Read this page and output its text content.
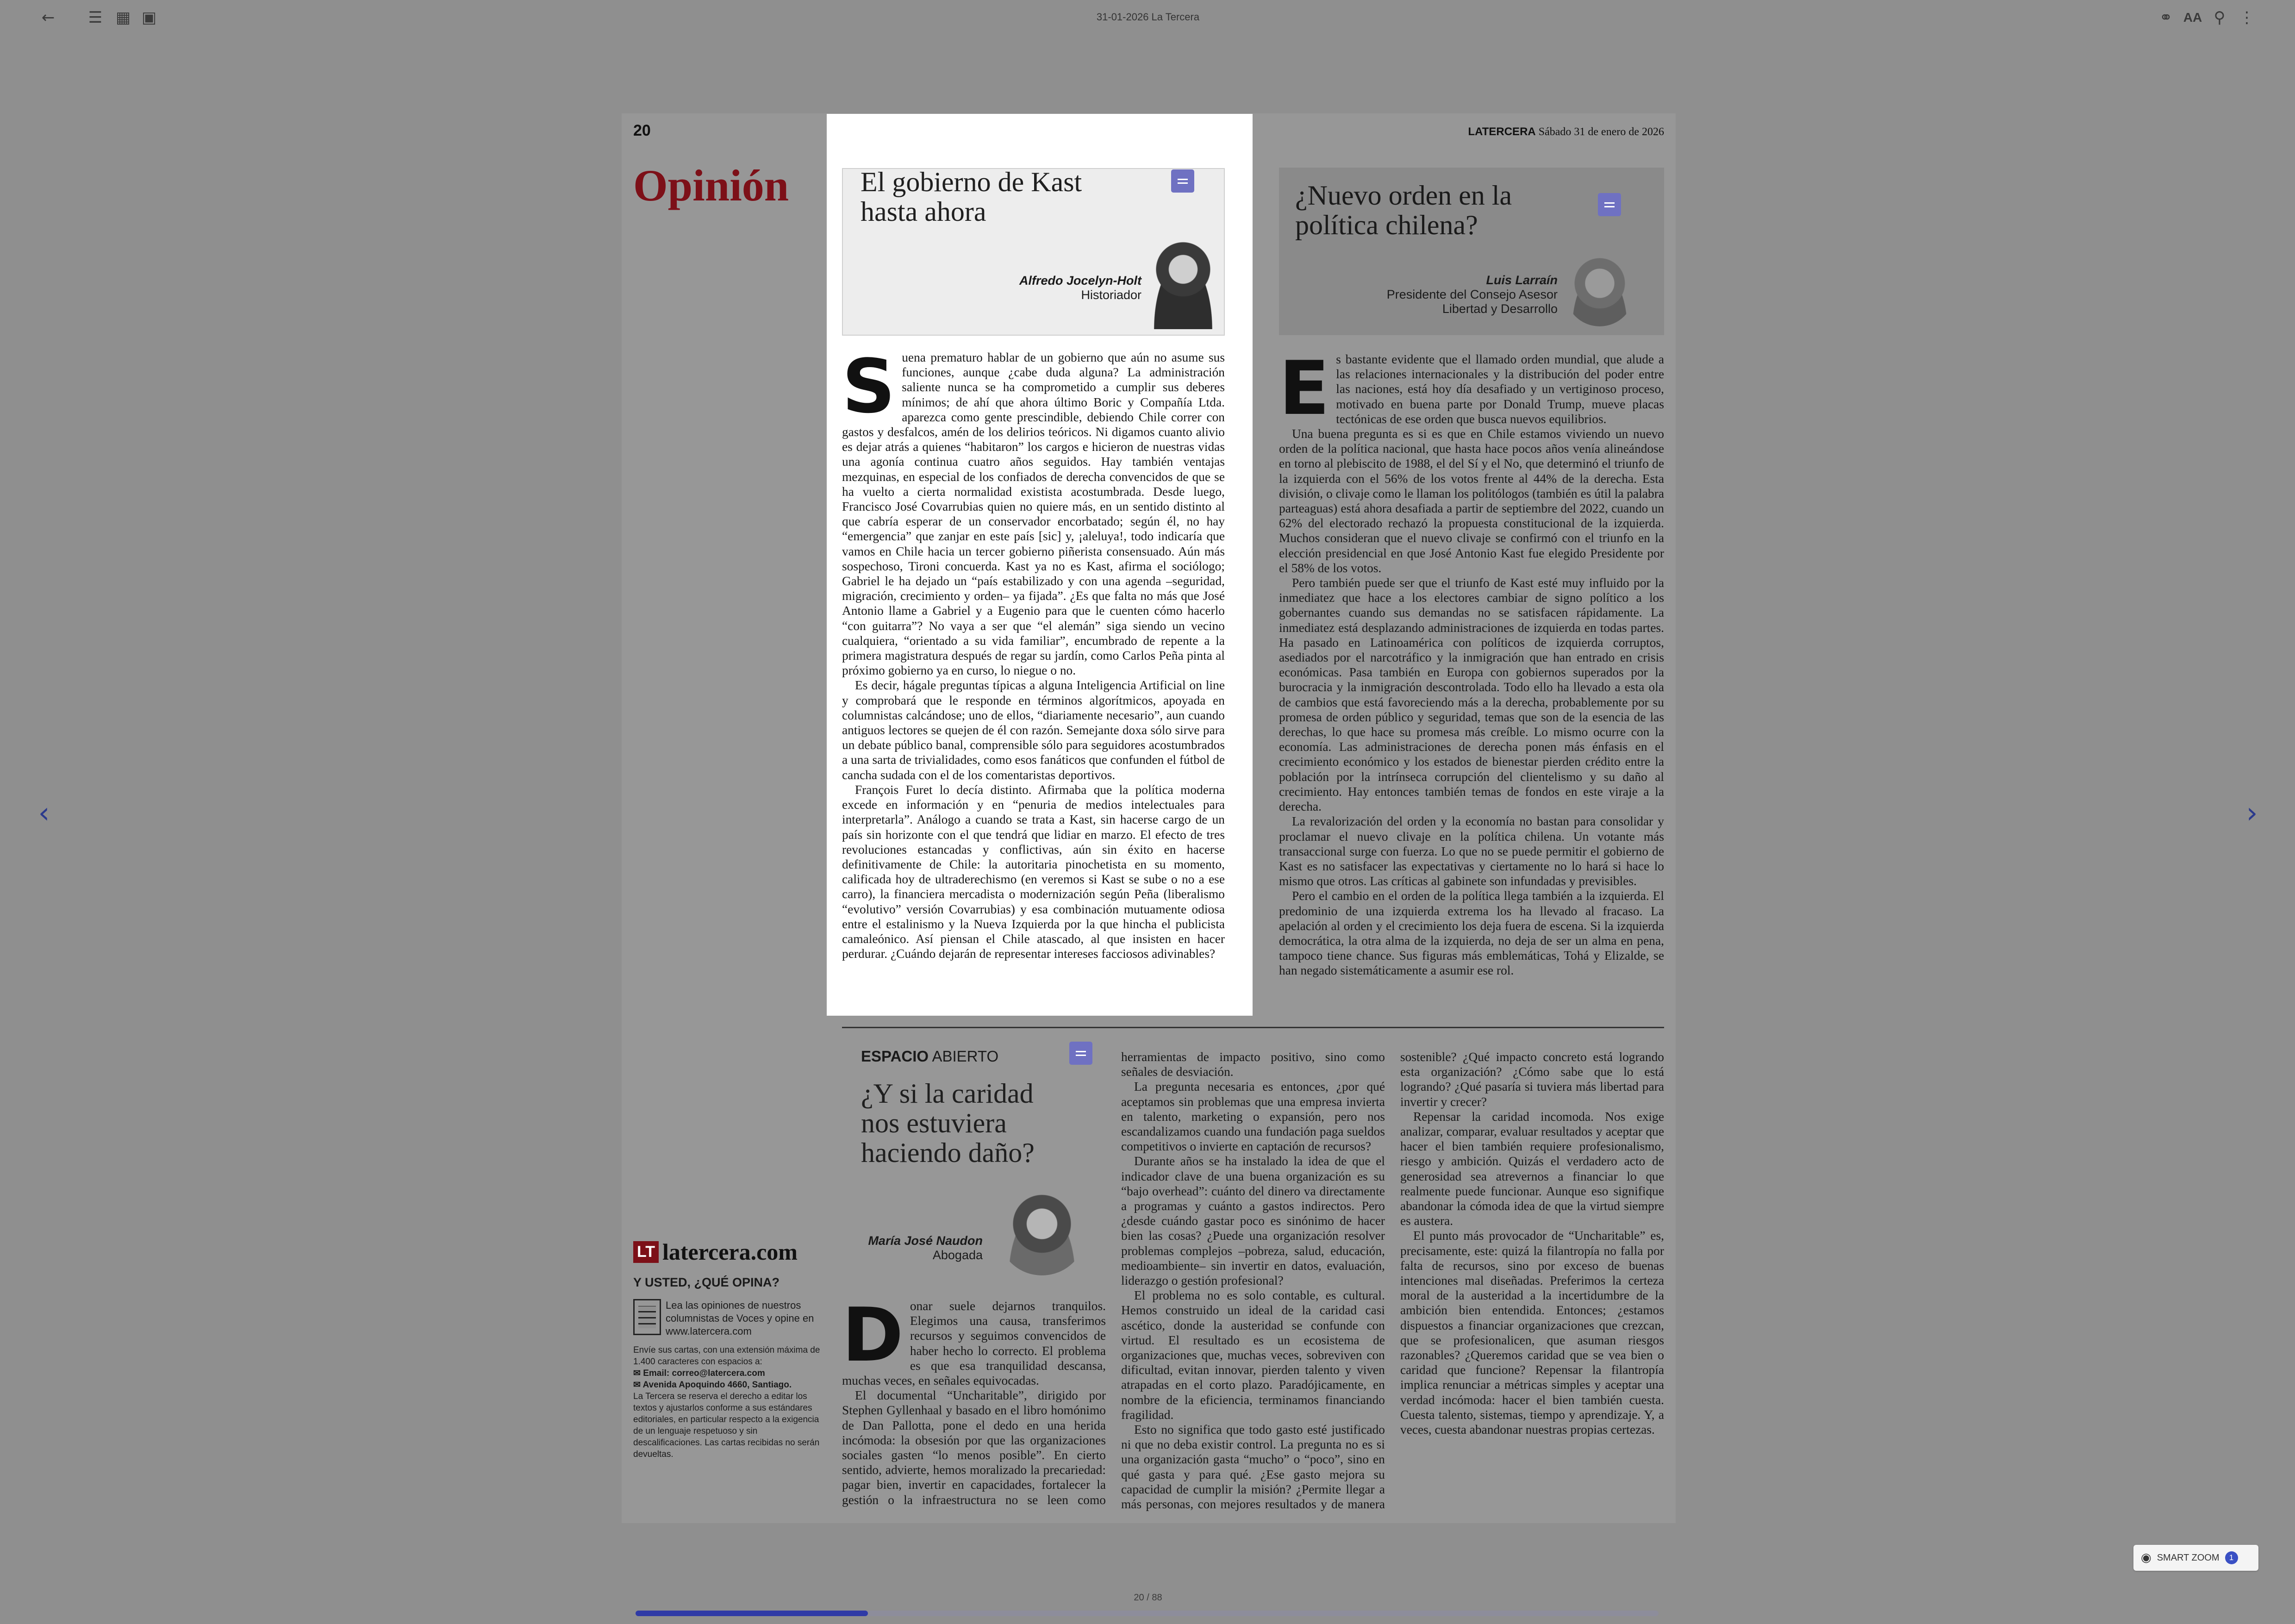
← ☰ ▦ ▣	31-01-2026 La Tercera	⚭ AA ⚲ ⋮
‹	›
20	LATERCERA Sábado 31 de enero de 2026
Opinión	¿Nuevo orden en la política chilena?
Luis Larraín
Presidente del Consejo Asesor
Libertad y Desarrollo

Es bastante evidente que el llamado orden mundial, que alude a las relaciones internacionales y la distribución del poder entre las naciones, está hoy día desafiado y un vertiginoso proceso, motivado en buena parte por Donald Trump, mueve placas tectónicas de ese orden que busca nuevos equilibrios.

Una buena pregunta es si es que en Chile estamos viviendo un nuevo orden de la política nacional, que hasta hace pocos años venía alineándose en torno al plebiscito de 1988, el del Sí y el No, que determinó el triunfo de la izquierda con el 56% de los votos frente al 44% de la derecha. Esta división, o clivaje como le llaman los politólogos (también es útil la palabra parteaguas) está ahora desafiada a partir de septiembre del 2022, cuando un 62% del electorado rechazó la propuesta constitucional de la izquierda. Muchos consideran que el nuevo clivaje se confirmó con el triunfo en la elección presidencial en que José Antonio Kast fue elegido Presidente por el 58% de los votos.

Pero también puede ser que el triunfo de Kast esté muy influido por la inmediatez que hace a los electores cambiar de signo político a los gobernantes cuando sus demandas no se satisfacen rápidamente. La inmediatez está desplazando administraciones de izquierda en todas partes. Ha pasado en Latinoamérica con políticos de izquierda corruptos, asediados por el narcotráfico y la inmigración que han entrado en crisis económicas. Pasa también en Europa con gobiernos superados por la burocracia y la inmigración descontrolada. Todo ello ha llevado a esta ola de cambios que está favoreciendo más a la derecha, probablemente por su promesa de orden público y seguridad, temas que son de la esencia de las derechas, lo que hace su promesa más creíble. Lo mismo ocurre con la economía. Las administraciones de derecha ponen más énfasis en el crecimiento económico y los estados de bienestar pierden crédito entre la población por la intrínseca corrupción del clientelismo y su daño al crecimiento. Hay entonces también temas de fondos en este viraje a la derecha.

La revalorización del orden y la economía no bastan para consolidar y proclamar el nuevo clivaje en la política chilena. Un votante más transaccional surge con fuerza. Lo que no se puede permitir el gobierno de Kast es no satisfacer las expectativas y ciertamente no lo hará si hace lo mismo que otros. Las críticas al gabinete son infundadas y previsibles.

Pero el cambio en el orden de la política llega también a la izquierda. El predominio de una izquierda extrema los ha llevado al fracaso. La apelación al orden y el crecimiento los deja fuera de escena. Si la izquierda democrática, la otra alma de la izquierda, no deja de ser un alma en pena, tampoco tiene chance. Sus figuras más emblemáticas, Tohá y Elizalde, se han negado sistemáticamente a asumir ese rol.

ESPACIO ABIERTO
¿Y si la caridad nos estuviera haciendo daño?
María José Naudon
Abogada

Donar suele dejarnos tranquilos. Elegimos una causa, transferimos recursos y seguimos convencidos de haber hecho lo correcto. El problema es que esa tranquilidad descansa, muchas veces, en señales equivocadas.

El documental “Uncharitable”, dirigido por Stephen Gyllenhaal y basado en el libro homónimo de Dan Pallotta, pone el dedo en una herida incómoda: la obsesión por que las organizaciones sociales gasten “lo menos posible”. En cierto sentido, advierte, hemos moralizado la precariedad: pagar bien, invertir en capacidades, fortalecer la gestión o la infraestructura no se leen como herramientas de impacto positivo, sino como señales de desviación.

La pregunta necesaria es entonces, ¿por qué aceptamos sin problemas que una empresa invierta en talento, marketing o expansión, pero nos escandalizamos cuando una fundación paga sueldos competitivos o invierte en captación de recursos?

Durante años se ha instalado la idea de que el indicador clave de una buena organización es su “bajo overhead”: cuánto del dinero va directamente a programas y cuánto a gastos indirectos. Pero ¿desde cuándo gastar poco es sinónimo de hacer bien las cosas? ¿Puede una organización resolver problemas complejos –pobreza, salud, educación, medioambiente– sin invertir en datos, evaluación, liderazgo o gestión profesional?

El problema no es solo contable, es cultural. Hemos construido un ideal de la caridad casi ascético, donde la austeridad se confunde con virtud. El resultado es un ecosistema de organizaciones que, muchas veces, sobreviven con dificultad, evitan innovar, pierden talento y viven atrapadas en el corto plazo. Paradójicamente, en nombre de la eficiencia, terminamos financiando fragilidad.

Esto no significa que todo gasto esté justificado ni que no deba existir control. La pregunta no es si una organización gasta “mucho” o “poco”, sino en qué gasta y para qué. ¿Ese gasto mejora su capacidad de cumplir la misión? ¿Permite llegar a más personas, con mejores resultados y de manera sostenible? ¿Qué impacto concreto está logrando esta organización? ¿Cómo sabe que lo está logrando? ¿Qué pasaría si tuviera más libertad para invertir y crecer?

Repensar la caridad incomoda. Nos exige analizar, comparar, evaluar resultados y aceptar que hacer el bien también requiere profesionalismo, riesgo y ambición. Quizás el verdadero acto de generosidad sea atrevernos a financiar lo que realmente puede funcionar. Aunque eso signifique abandonar la cómoda idea de que la virtud siempre es austera.

El punto más provocador de “Uncharitable” es, precisamente, este: quizá la filantropía no falla por falta de recursos, sino por exceso de buenas intenciones mal diseñadas. Preferimos la certeza moral de la austeridad a la incertidumbre de la ambición bien entendida. Entonces; ¿estamos dispuestos a financiar organizaciones que crezcan, que se profesionalicen, que asuman riesgos razonables? ¿Queremos caridad que se vea bien o caridad que funcione? Repensar la filantropía implica renunciar a métricas simples y aceptar una verdad incómoda: hacer el bien también cuesta. Cuesta talento, sistemas, tiempo y aprendizaje. Y, a veces, cuesta abandonar nuestras propias certezas.

LT latercera.com
Y USTED, ¿QUÉ OPINA?
Lea las opiniones de nuestros columnistas de Voces y opine en www.latercera.com
Envíe sus cartas, con una extensión máxima de 1.400 caracteres con espacios a:
✉ Email: correo@latercera.com
✉ Avenida Apoquindo 4660, Santiago.
La Tercera se reserva el derecho a editar los textos y ajustarlos conforme a sus estándares editoriales, en particular respecto a la exigencia de un lenguaje respetuoso y sin descalificaciones. Las cartas recibidas no serán devueltas.
El gobierno de Kast hasta ahora
Alfredo Jocelyn-Holt
Historiador

Suena prematuro hablar de un gobierno que aún no asume sus funciones, aunque ¿cabe duda alguna? La administración saliente nunca se ha comprometido a cumplir sus deberes mínimos; de ahí que ahora último Boric y Compañía Ltda. aparezca como gente prescindible, debiendo Chile correr con gastos y desfalcos, amén de los delirios teóricos. Ni digamos cuanto alivio es dejar atrás a quienes “habitaron” los cargos e hicieron de nuestras vidas una agonía continua cuatro años seguidos. Hay también ventajas mezquinas, en especial de los confiados de derecha convencidos de que se ha vuelto a cierta normalidad existista acostumbrada. Desde luego, Francisco José Covarrubias quien no quiere más, en un sentido distinto al que cabría esperar de un conservador encorbatado; según él, no hay “emergencia” que zanjar en este país [sic] y, ¡aleluya!, todo indicaría que vamos en Chile hacia un tercer gobierno piñerista consensuado. Aún más sospechoso, Tironi concuerda. Kast ya no es Kast, afirma el sociólogo; Gabriel le ha dejado un “país estabilizado y con una agenda –seguridad, migración, crecimiento y orden– ya fijada”. ¿Es que falta no más que José Antonio llame a Gabriel y a Eugenio para que le cuenten cómo hacerlo “con guitarra”? No vaya a ser que “el alemán” siga siendo un vecino cualquiera, “orientado a su vida familiar”, encumbrado de repente a la primera magistratura después de regar su jardín, como Carlos Peña pinta al próximo gobierno ya en curso, lo niegue o no.

Es decir, hágale preguntas típicas a alguna Inteligencia Artificial on line y comprobará que le responde en términos algorítmicos, apoyada en columnistas calcándose; uno de ellos, “diariamente necesario”, aun cuando antiguos lectores se quejen de él con razón. Semejante doxa sólo sirve para un debate público banal, comprensible sólo para seguidores acostumbrados a una sarta de trivialidades, como esos fanáticos que confunden el fútbol de cancha sudada con el de los comentaristas deportivos.

François Furet lo decía distinto. Afirmaba que la política moderna excede en información y en “penuria de medios intelectuales para interpretarla”. Análogo a cuando se trata a Kast, sin hacerse cargo de un país sin horizonte con el que tendrá que lidiar en marzo. El efecto de tres revoluciones estancadas y conflictivas, aún sin éxito en hacerse definitivamente de Chile: la autoritaria pinochetista en su momento, calificada hoy de ultraderechismo (en veremos si Kast se sube o no a ese carro), la financiera mercadista o modernización según Peña (liberalismo “evolutivo” versión Covarrubias) y esa combinación mutuamente odiosa entre el estalinismo y la Nueva Izquierda por la que hincha el publicista camaleónico. Así piensan el Chile atascado, al que insisten en hacer perdurar. ¿Cuándo dejarán de representar intereses facciosos adivinables?

20 / 88
◉ SMART ZOOM	1
